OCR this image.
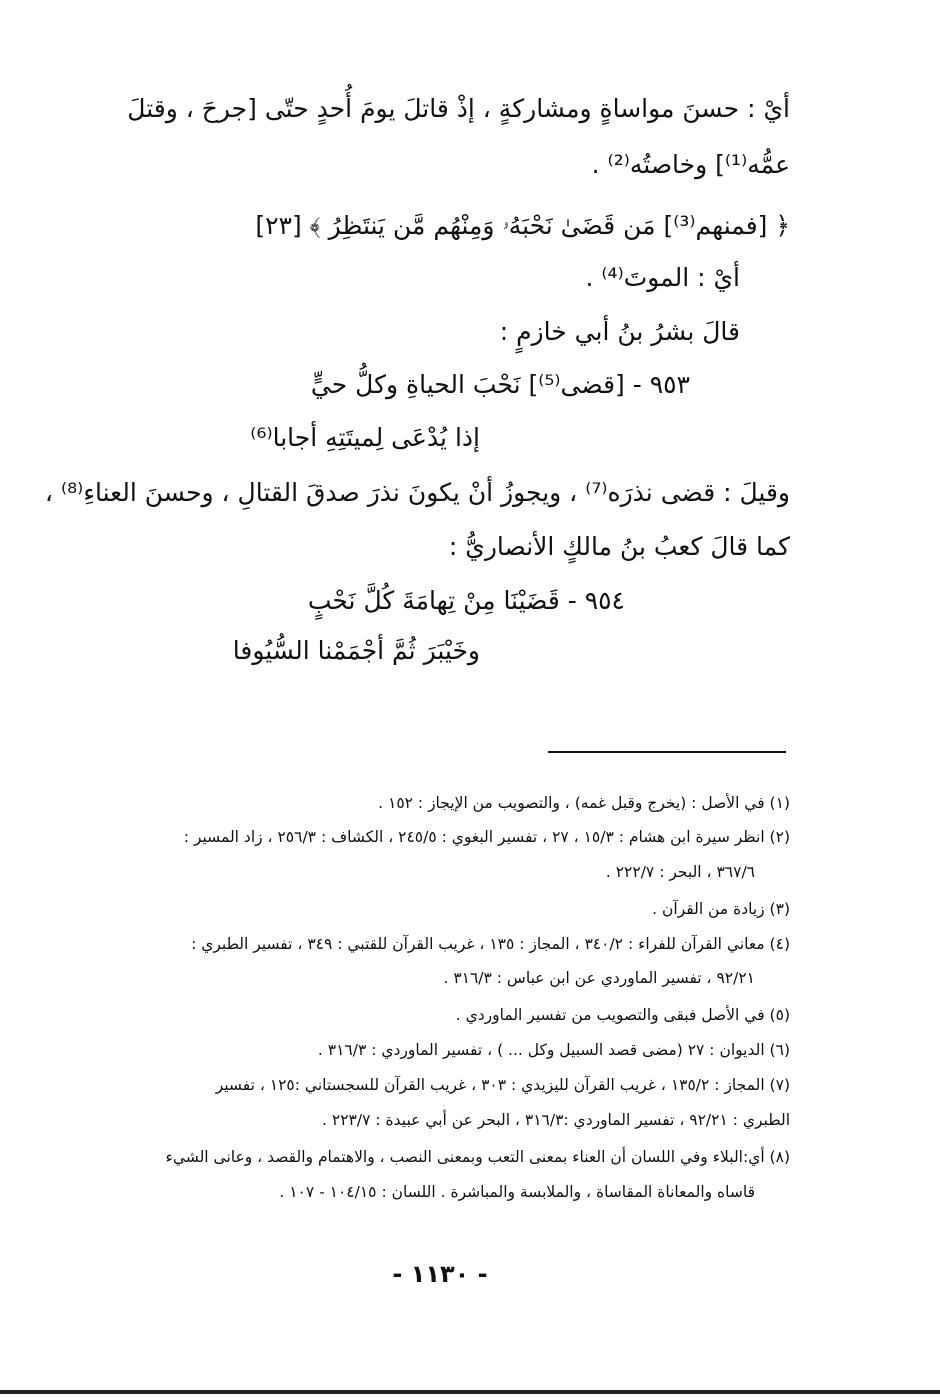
أيْ : حسنَ مواساةٍ ومشاركةٍ ، إذْ قاتلَ يومَ أُحدٍ حتّى [جرحَ ، وقتلَ
عمُّه⁽¹⁾] وخاصتُه⁽²⁾ .
﴿ [فمنهم⁽³⁾] مَن قَضَىٰ نَحْبَهُۥ وَمِنْهُم مَّن يَنتَظِرُ ﴾ [٢٣]
أيْ : الموتَ⁽⁴⁾ .
قالَ بشرُ بنُ أبي خازمٍ :
٩٥٣ - [قضى⁽⁵⁾] نَحْبَ الحياةِ وكلُّ حيٍّ
إذا يُدْعَى لِميتَتِهِ أجابا⁽⁶⁾
وقيلَ : قضى نذرَه⁽⁷⁾ ، ويجوزُ أنْ يكونَ نذرَ صدقَ القتالِ ، وحسنَ العناءِ⁽⁸⁾ ،
كما قالَ كعبُ بنُ مالكٍ الأنصاريُّ :
٩٥٤ - قَضَيْنَا مِنْ تِهامَةَ كُلَّ نَحْبٍ
وخَيْبَرَ ثُمَّ أجْمَمْنا السُّيُوفا
(١) في الأصل : (يخرج وقبل غمه) ، والتصويب من الإيجاز : ١٥٢ .
(٢) انظر سيرة ابن هشام : ١٥/٣ ، ٢٧ ، تفسير البغوي : ٢٤٥/٥ ، الكشاف : ٢٥٦/٣ ، زاد المسير :
٣٦٧/٦ ، البحر : ٢٢٢/٧ .
(٣) زيادة من القرآن .
(٤) معاني القرآن للفراء : ٣٤٠/٢ ، المجاز : ١٣٥ ، غريب القرآن للقتبي : ٣٤٩ ، تفسير الطبري :
٩٢/٢١ ، تفسير الماوردي عن ابن عباس : ٣١٦/٣ .
(٥) في الأصل فبقى والتصويب من تفسير الماوردي .
(٦) الديوان : ٢٧ (مضى قصد السبيل وكل ... ) ، تفسير الماوردي : ٣١٦/٣ .
(٧) المجاز : ١٣٥/٢ ، غريب القرآن لليزيدي : ٣٠٣ ، غريب القرآن للسجستاني :١٢٥ ، تفسير
الطبري : ٩٢/٢١ ، تفسير الماوردي :٣١٦/٣ ، البحر عن أبي عبيدة : ٢٢٣/٧ .
(٨) أي:البلاء وفي اللسان أن العناء بمعنى التعب وبمعنى النصب ، والاهتمام والقصد ، وعانى الشيء
قاساه والمعاناة المقاساة ، والملابسة والمباشرة . اللسان : ١٠٤/١٥ - ١٠٧ .
- ١١٣٠ -
